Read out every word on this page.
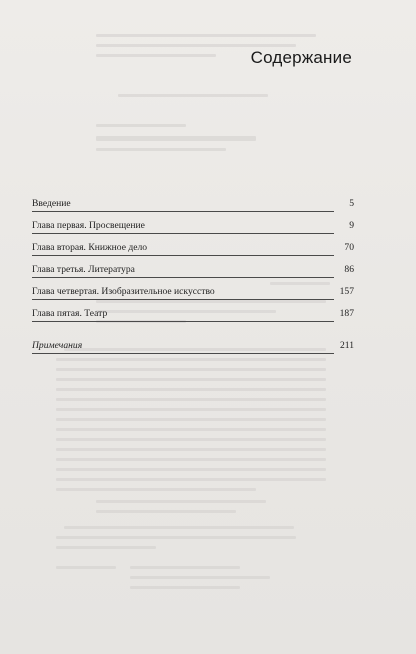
Содержание
Введение	5
Глава первая. Просвещение	9
Глава вторая. Книжное дело	70
Глава третья. Литература	86
Глава четвертая. Изобразительное искусство	157
Глава пятая. Театр	187
Примечания	211
